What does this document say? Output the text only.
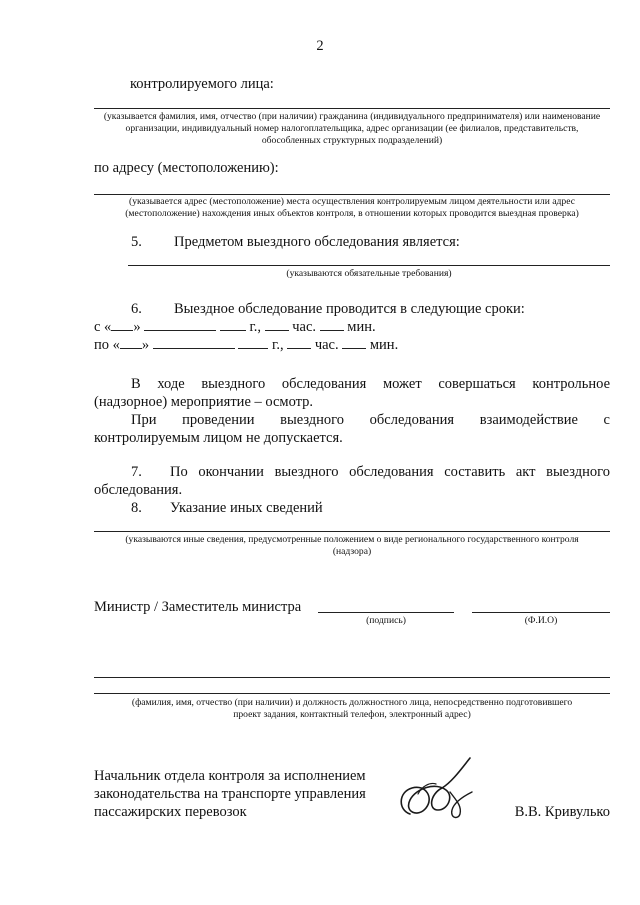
2
контролируемого лица:
(указывается фамилия, имя, отчество (при наличии) гражданина (индивидуального предпринимателя) или наименование организации, индивидуальный номер налогоплательщика, адрес организации (ее филиалов, представительств, обособленных структурных подразделений)
по адресу (местоположению):
(указывается адрес (местоположение) места осуществления контролируемым лицом деятельности или адрес (местоположение) нахождения иных объектов контроля, в отношении которых проводится выездная проверка)
5. Предметом выездного обследования является:
(указываются обязательные требования)
6. Выездное обследование проводится в следующие сроки:
с « »	г., час. мин.
по « »	г., час. мин.
В ходе выездного обследования может совершаться контрольное
(надзорное) мероприятие – осмотр.
При проведении выездного обследования взаимодействие с
контролируемым лицом не допускается.
7. По окончании выездного обследования составить акт выездного
обследования.
8. Указание иных сведений
(указываются иные сведения, предусмотренные положением о виде регионального государственного контроля
(надзора)
Министр / Заместитель министра
(подпись)	(Ф.И.О)
(фамилия, имя, отчество (при наличии) и должность должностного лица, непосредственно подготовившего
проект задания, контактный телефон, электронный адрес)
Начальник отдела контроля за исполнением
законодательства на транспорте управления
пассажирских перевозок	В.В. Кривулько
